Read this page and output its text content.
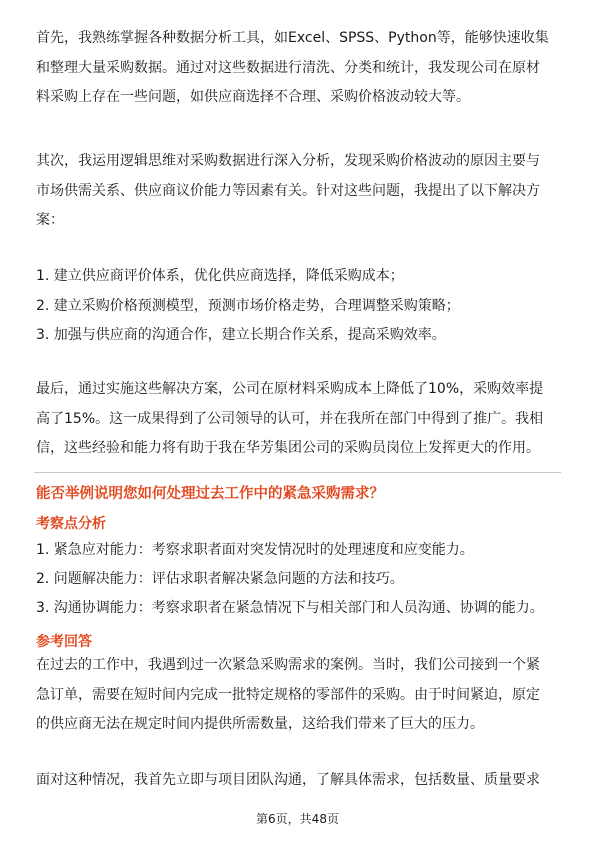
首先，我熟练掌握各种数据分析工具，如Excel、SPSS、Python等，能够快速收集
和整理大量采购数据。通过对这些数据进行清洗、分类和统计，我发现公司在原材
料采购上存在一些问题，如供应商选择不合理、采购价格波动较大等。
其次，我运用逻辑思维对采购数据进行深入分析，发现采购价格波动的原因主要与
市场供需关系、供应商议价能力等因素有关。针对这些问题，我提出了以下解决方
案：
1. 建立供应商评价体系，优化供应商选择，降低采购成本；
2. 建立采购价格预测模型，预测市场价格走势，合理调整采购策略；
3. 加强与供应商的沟通合作，建立长期合作关系，提高采购效率。
最后，通过实施这些解决方案，公司在原材料采购成本上降低了10%，采购效率提
高了15%。这一成果得到了公司领导的认可，并在我所在部门中得到了推广。我相
信，这些经验和能力将有助于我在华芳集团公司的采购员岗位上发挥更大的作用。
能否举例说明您如何处理过去工作中的紧急采购需求？
考察点分析
1. 紧急应对能力：考察求职者面对突发情况时的处理速度和应变能力。
2. 问题解决能力：评估求职者解决紧急问题的方法和技巧。
3. 沟通协调能力：考察求职者在紧急情况下与相关部门和人员沟通、协调的能力。
参考回答
在过去的工作中，我遇到过一次紧急采购需求的案例。当时，我们公司接到一个紧
急订单，需要在短时间内完成一批特定规格的零部件的采购。由于时间紧迫，原定
的供应商无法在规定时间内提供所需数量，这给我们带来了巨大的压力。
面对这种情况，我首先立即与项目团队沟通，了解具体需求，包括数量、质量要求
第6页，共48页
